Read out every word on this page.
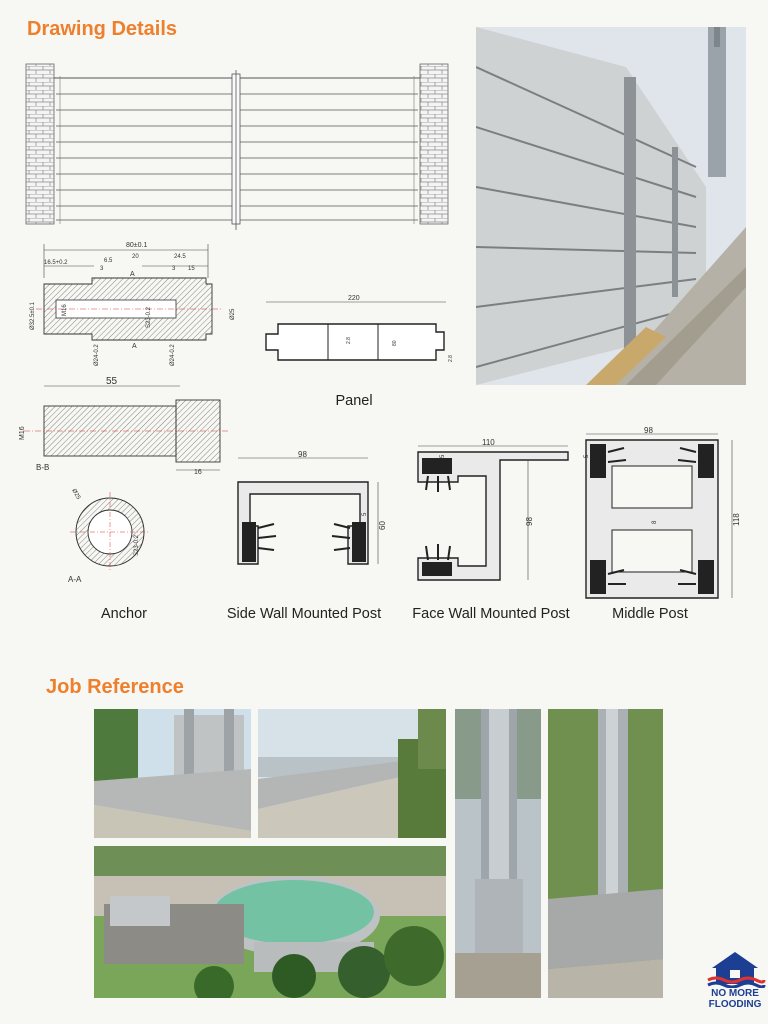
Drawing Details
Job Reference
80±0.1
16.5+0.2	6.5
3
20	24.5
3 15
A
Ø32.5±0.1	M16	S23-0.2	Ø25
Ø24-0.2	Ø24-0.2
A
220
2.8	80
2.8
Panel
55
M16
16
B-B
Ø25
S23-0.2
A-A
Anchor
98
60
5
Side Wall Mounted Post
110
98
5
Face Wall Mounted Post
98
118
8
5
Middle Post
NO MORE
FLOODING
